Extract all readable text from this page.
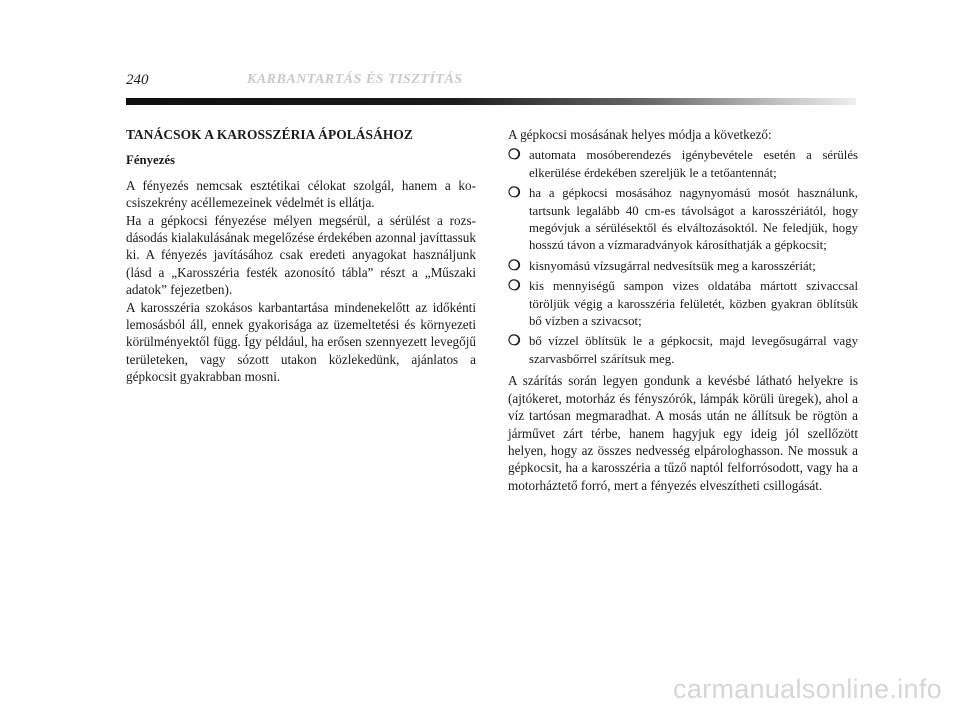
240	KARBANTARTÁS ÉS TISZTÍTÁS
TANÁCSOK A KAROSSZÉRIA ÁPOLÁSÁHOZ
Fényezés

A fényezés nemcsak esztétikai célokat szolgál, hanem a kocsiszekrény acéllemezeinek védelmét is ellátja.

Ha a gépkocsi fényezése mélyen megsérül, a sérülést a rozsdásodás kialakulásának megelőzése érdekében azonnal javíttassuk ki. A fényezés javításához csak eredeti anyagokat használjunk (lásd a „Karosszéria festék azonosító tábla” részt a „Műszaki adatok” fejezetben).

A karosszéria szokásos karbantartása mindenekelőtt az időkénti lemosásból áll, ennek gyakorisága az üzemeltetési és környezeti körülményektől függ. Így például, ha erősen szennyezett levegőjű területeken, vagy sózott utakon közlekedünk, ajánlatos a gépkocsit gyakrabban mosni.

A gépkocsi mosásának helyes módja a következő:

❍ automata mosóberendezés igénybevétele esetén a sérülés elkerülése érdekében szereljük le a tetőantennát;
❍ ha a gépkocsi mosásához nagynyomású mosót használunk, tartsunk legalább 40 cm-es távolságot a karosszériától, hogy megóvjuk a sérülésektől és elváltozásoktól. Ne feledjük, hogy hosszú távon a vízmaradványok károsíthatják a gépkocsit;
❍ kisnyomású vízsugárral nedvesítsük meg a karosszériát;
❍ kis mennyiségű sampon vizes oldatába mártott szivaccsal töröljük végig a karosszéria felületét, közben gyakran öblítsük bő vízben a szivacsot;
❍ bő vízzel öblítsük le a gépkocsit, majd levegősugárral vagy szarvasbőrrel szárítsuk meg.

A szárítás során legyen gondunk a kevésbé látható helyekre is (ajtókeret, motorház és fényszórók, lámpák körüli üregek), ahol a víz tartósan megmaradhat. A mosás után ne állítsuk be rögtön a járművet zárt térbe, hanem hagyjuk egy ideig jól szellőzött helyen, hogy az összes nedvesség elpárologhasson. Ne mossuk a gépkocsit, ha a karosszéria a tűző naptól felforrósodott, vagy ha a motorháztető forró, mert a fényezés elveszítheti csillogását.

carmanualsonline.info
